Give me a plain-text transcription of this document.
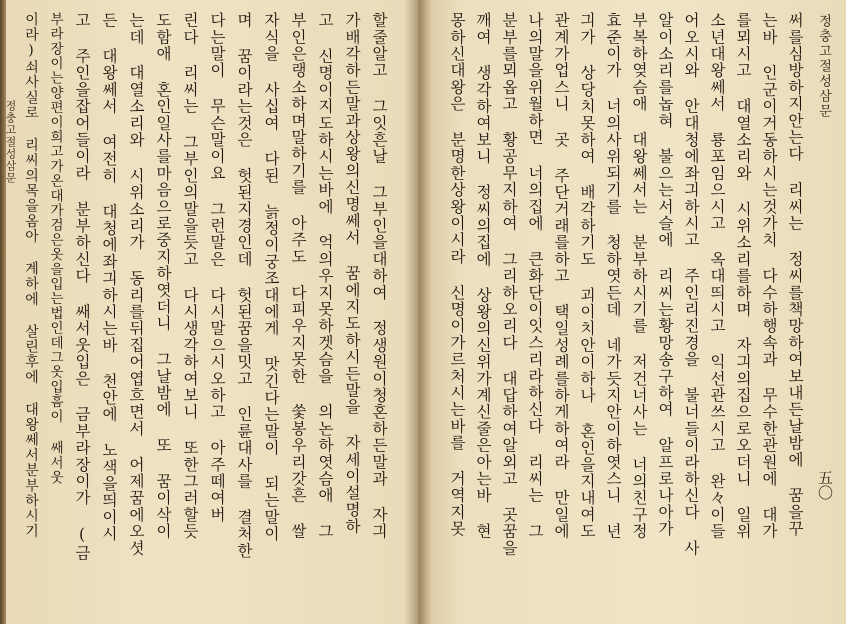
정충고절성삼문	할줄알고 그잇흔날 그부인을대하여 정생원이청혼하든말과 자긔
가배각하든말과상왕의신명쎄서 꿈에지도하시든말을 자세이설명하
고 신명이지도하시는바에 억의우지못하겟슴을 의논하엿슴애 그
부인은랭소하며말하기를 아주도 다피우지못한 쑻봉우리갓흔 쌀
자식을 사십여 다된 늙정이궁조대에게 맛긴다는말이 되는말이
며 꿈이라는것은 헛된지경인데 헛된꿈을밋고 인륜대사를 결처한
다는말이 무슨말이요 그런말은 다시말으시오하고 아주떼여버
린다 리씨는 그부인의말을듯고 다시생각하여보니 또한그러할듯
도함애 혼인일사를마음으로중지하엿더니 그날밤에 또 꿈이삭이
는데 대열소리와 시위소리가 동리를뒤집어엽흐면서 어제꿈에오셧
든 대왕쎄서 여전히 대청에좌긔하시는바 천안에 노색을띄이시
고 주인을잡어들이라 분부하신다 쌔서웃입은 금부라장이가 (금
부라장이는양편이희고가온대가검은옷을입는법인데그옷입흠이 쌔서웃
이라)쇠사실로 리씨의목을옴아 계하에 살린후에 대왕쎄서분부하시기	정충고절성삼문
五〇
써를심방하지안는다 리씨는 정씨를책망하여보내든날밤에 꿈을꾸
는바 인군이거동하시는것가치 다수하행속과 무수한관원에 대가
를뫼시고 대열소리와 시위소리를하며 자긔의집으로오더니 일위
소년대왕쎄서 룡포임으시고 옥대띄시고 익선관쓰시고 완々이들
어오시와 안대청에좌긔하시고 주인리진경을 불너들이라하신다 사
알이소리를놉혀 불으는서슬에 리씨는황망송구하여 알프로나아가
부복하옂슴애 대왕쎄서는 분부하시기를 저건너사는 너의친구정
효준이가 너의사위되기를 청하엿든데 네가듯지안이하엿스니 년
긔가 상당치못하여 배각하기도 괴이치안이하나 혼인을지내여도
관계가업스니 곳 주단거래를하고 택일성례를하게하여라 만일에
나의말을위월하면 너의집에 큰화단이잇스리라하신다 리씨는 그
분부를뫼옵고 황공무지하여 그리하오리다 대답하여알외고 곳꿈을
깨여 생각하여보니 정씨의집에 상왕의신위가계신줄은아는바 현
몽하신대왕은 분명한상왕이시라 신명이가르처시는바를 거역지못
